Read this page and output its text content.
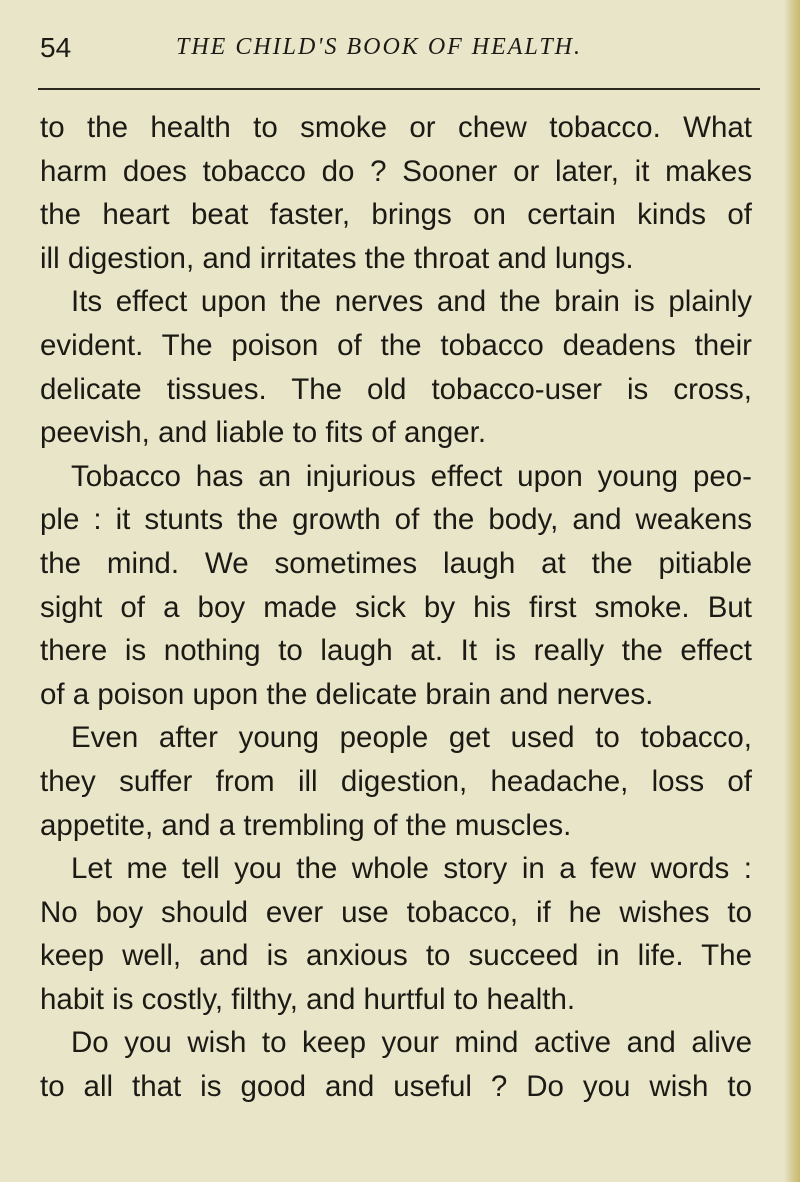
54	THE CHILD'S BOOK OF HEALTH.
to the health to smoke or chew tobacco. What
harm does tobacco do ? Sooner or later, it makes
the heart beat faster, brings on certain kinds of
ill digestion, and irritates the throat and lungs.
Its effect upon the nerves and the brain is plainly
evident. The poison of the tobacco deadens their
delicate tissues. The old tobacco-user is cross,
peevish, and liable to fits of anger.
Tobacco has an injurious effect upon young peo-
ple : it stunts the growth of the body, and weakens
the mind. We sometimes laugh at the pitiable
sight of a boy made sick by his first smoke. But
there is nothing to laugh at. It is really the effect
of a poison upon the delicate brain and nerves.
Even after young people get used to tobacco,
they suffer from ill digestion, headache, loss of
appetite, and a trembling of the muscles.
Let me tell you the whole story in a few words :
No boy should ever use tobacco, if he wishes to
keep well, and is anxious to succeed in life. The
habit is costly, filthy, and hurtful to health.
Do you wish to keep your mind active and alive
to all that is good and useful ? Do you wish to
